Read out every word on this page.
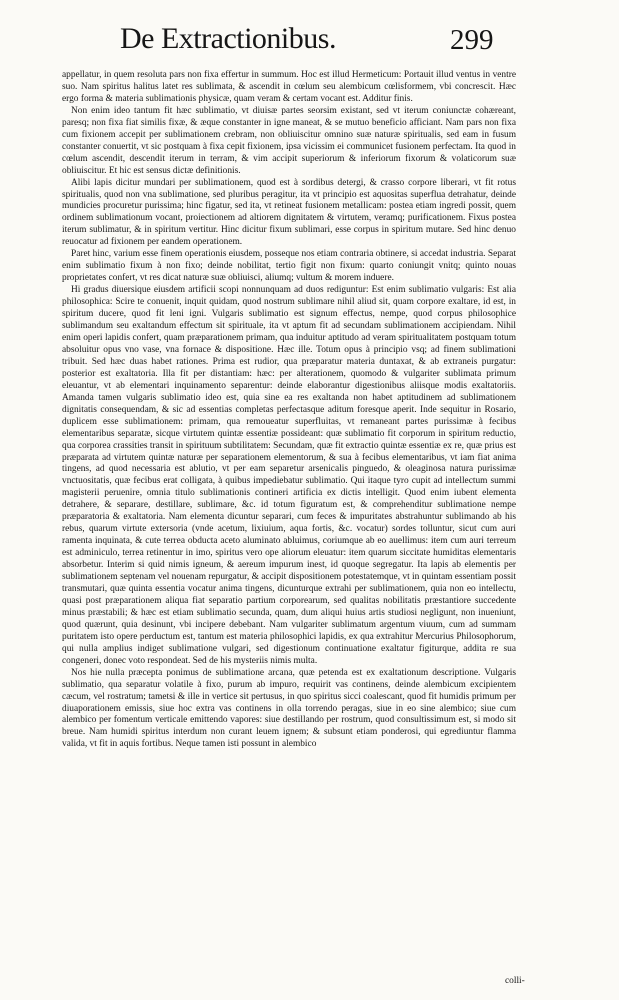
De Extractionibus.	299

appellatur, in quem resoluta pars non fixa effertur in summum. Hoc est illud Hermeticum: Portauit illud ventus in ventre suo. Nam spiritus halitus latet res sublimata, & ascendit in cœlum seu alembicum cœlisformem, vbi concrescit. Hæc ergo forma & materia sublimationis physicæ, quam veram & certam vocant est. Additur finis.

Non enim ideo tantum fit hæc sublimatio, vt diuisæ partes seorsim existant, sed vt iterum coniunctæ cohæreant, paresq; non fixa fiat similis fixæ, & æque constanter in igne maneat, & se mutuo beneficio afficiant. Nam pars non fixa cum fixionem accepit per sublimationem crebram, non obliuiscitur omnino suæ naturæ spiritualis, sed eam in fusum constanter conuertit, vt sic postquam à fixa cepit fixionem, ipsa vicissim ei communicet fusionem perfectam. Ita quod in cœlum ascendit, descendit iterum in terram, & vim accipit superiorum & inferiorum fixorum & volaticorum suæ obliuiscitur. Et hic est sensus dictæ definitionis.

Alibi lapis dicitur mundari per sublimationem, quod est à sordibus detergi, & crasso corpore liberari, vt fit rotus spiritualis, quod non vna sublimatione, sed pluribus peragitur, ita vt principio est aquositas superflua detrahatur, deinde mundicies procuretur purissima; hinc figatur, sed ita, vt retineat fusionem metallicam: postea etiam ingredi possit, quem ordinem sublimationum vocant, proiectionem ad altiorem dignitatem & virtutem, veramq; purificationem. Fixus postea iterum sublimatur, & in spiritum vertitur. Hinc dicitur fixum sublimari, esse corpus in spiritum mutare. Sed hinc denuo reuocatur ad fixionem per eandem operationem.

Paret hinc, varium esse finem operationis eiusdem, posseque nos etiam contraria obtinere, si accedat industria. Separat enim sublimatio fixum à non fixo; deinde nobilitat, tertio figit non fixum: quarto coniungit vnitq; quinto nouas proprietates confert, vt res dicat naturæ suæ obliuisci, aliumq; vultum & morem induere.

Hi gradus diuersique eiusdem artificii scopi nonnunquam ad duos rediguntur: Est enim sublimatio vulgaris: Est alia philosophica: Scire te conuenit, inquit quidam, quod nostrum sublimare nihil aliud sit, quam corpore exaltare, id est, in spiritum ducere, quod fit leni igni. Vulgaris sublimatio est signum effectus, nempe, quod corpus philosophice sublimandum seu exaltandum effectum sit spirituale, ita vt aptum fit ad secundam sublimationem accipiendam. Nihil enim operi lapidis confert, quam præparationem primam, qua induitur aptitudo ad veram spiritualitatem postquam totum absoluitur opus vno vase, vna fornace & dispositione. Hæc ille. Totum opus à principio vsq; ad finem sublimationi tribuit. Sed hæc duas habet rationes. Prima est rudior, qua præparatur materia duntaxat, & ab extraneis purgatur: posterior est exaltatoria. Illa fit per distantiam: hæc: per alterationem, quomodo & vulgariter sublimata primum eleuantur, vt ab elementari inquinamento separentur: deinde elaborantur digestionibus aliisque modis exaltatoriis. Amanda tamen vulgaris sublimatio ideo est, quia sine ea res exaltanda non habet aptitudinem ad sublimationem dignitatis consequendam, & sic ad essentias completas perfectasque aditum foresque aperit. Inde sequitur in Rosario, duplicem esse sublimationem: primam, qua remoueatur superfluitas, vt remaneant partes purissimæ à fecibus elementaribus separatæ, sicque virtutem quintæ essentiæ possideant: quæ sublimatio fit corporum in spiritum reductio, qua corporea crassities transit in spirituum subtilitatem: Secundam, quæ fit extractio quintæ essentiæ ex re, quæ prius est præparata ad virtutem quintæ naturæ per separationem elementorum, & sua à fecibus elementaribus, vt iam fiat anima tingens, ad quod necessaria est ablutio, vt per eam separetur arsenicalis pinguedo, & oleaginosa natura purissimæ vnctuositatis, quæ fecibus erat colligata, à quibus impediebatur sublimatio. Qui itaque tyro cupit ad intellectum summi magisterii peruenire, omnia titulo sublimationis contineri artificia ex dictis intelligit. Quod enim iubent elementa detrahere, & separare, destillare, sublimare, &c. id totum figuratum est, & comprehenditur sublimatione nempe præparatoria & exaltatoria. Nam elementa dicuntur separari, cum feces & impuritates abstrahuntur sublimando ab his rebus, quarum virtute extersoria (vnde acetum, lixiuium, aqua fortis, &c. vocatur) sordes tolluntur, sicut cum auri ramenta inquinata, & cute terrea obducta aceto aluminato abluimus, coriumque ab eo auellimus: item cum auri terreum est adminiculo, terrea retinentur in imo, spiritus vero ope aliorum eleuatur: item quarum siccitate humiditas elementaris absorbetur. Interim si quid nimis igneum, & aereum impurum inest, id quoque segregatur. Ita lapis ab elementis per sublimationem septenam vel nouenam repurgatur, & accipit dispositionem potestatemque, vt in quintam essentiam possit transmutari, quæ quinta essentia vocatur anima tingens, dicunturque extrahi per sublimationem, quia non eo intellectu, quasi post præparationem aliqua fiat separatio partium corporearum, sed qualitas nobilitatis præstantiore succedente minus præstabili; & hæc est etiam sublimatio secunda, quam, dum aliqui huius artis studiosi negligunt, non inueniunt, quod quærunt, quia desinunt, vbi incipere debebant. Nam vulgariter sublimatum argentum viuum, cum ad summam puritatem isto opere perductum est, tantum est materia philosophici lapidis, ex qua extrahitur Mercurius Philosophorum, qui nulla amplius indiget sublimatione vulgari, sed digestionum continuatione exaltatur figiturque, addita re sua congeneri, donec voto respondeat. Sed de his mysteriis nimis multa.

Nos hie nulla præcepta ponimus de sublimatione arcana, quæ petenda est ex exaltationum descriptione. Vulgaris sublimatio, qua separatur volatile à fixo, purum ab impuro, requirit vas continens, deinde alembicum excipientem cæcum, vel rostratum; tametsi & ille in vertice sit pertusus, in quo spiritus sicci coalescant, quod fit humidis primum per diuaporationem emissis, siue hoc extra vas continens in olla torrendo peragas, siue in eo sine alembico; siue cum alembico per fomentum verticale emittendo vapores: siue destillando per rostrum, quod consultissimum est, si modo sit breue. Nam humidi spiritus interdum non curant leuem ignem; & subsunt etiam ponderosi, qui egrediuntur flamma valida, vt fit in aquis fortibus. Neque tamen isti possunt in alembico

colli-
